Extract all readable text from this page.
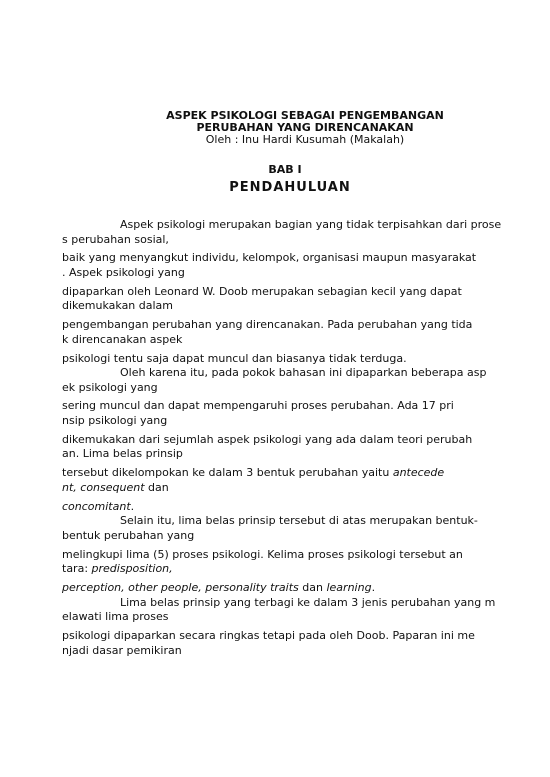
ASPEK PSIKOLOGI SEBAGAI PENGEMBANGAN
PERUBAHAN YANG DIRENCANAKAN
Oleh : Inu Hardi Kusumah (Makalah)
BAB I
PENDAHULUAN
Aspek psikologi merupakan bagian yang tidak terpisahkan dari prose
s perubahan sosial,
baik yang menyangkut individu, kelompok, organisasi maupun masyarakat
. Aspek psikologi yang
dipaparkan oleh Leonard W. Doob merupakan sebagian kecil yang dapat
dikemukakan dalam
pengembangan perubahan yang direncanakan. Pada perubahan yang tida
k direncanakan aspek
psikologi tentu saja dapat muncul dan biasanya tidak terduga.
Oleh karena itu, pada pokok bahasan ini dipaparkan beberapa asp
ek psikologi yang
sering muncul dan dapat mempengaruhi proses perubahan. Ada 17 pri
nsip psikologi yang
dikemukakan dari sejumlah aspek psikologi yang ada dalam teori perubah
an. Lima belas prinsip
tersebut dikelompokan ke dalam 3 bentuk perubahan yaitu antecede
nt, consequent dan
concomitant.
Selain itu, lima belas prinsip tersebut di atas merupakan bentuk-
bentuk perubahan yang
melingkupi lima (5) proses psikologi. Kelima proses psikologi tersebut an
tara: predisposition,
perception, other people, personality traits dan learning.
Lima belas prinsip yang terbagi ke dalam 3 jenis perubahan yang m
elawati lima proses
psikologi dipaparkan secara ringkas tetapi pada oleh Doob. Paparan ini me
njadi dasar pemikiran
